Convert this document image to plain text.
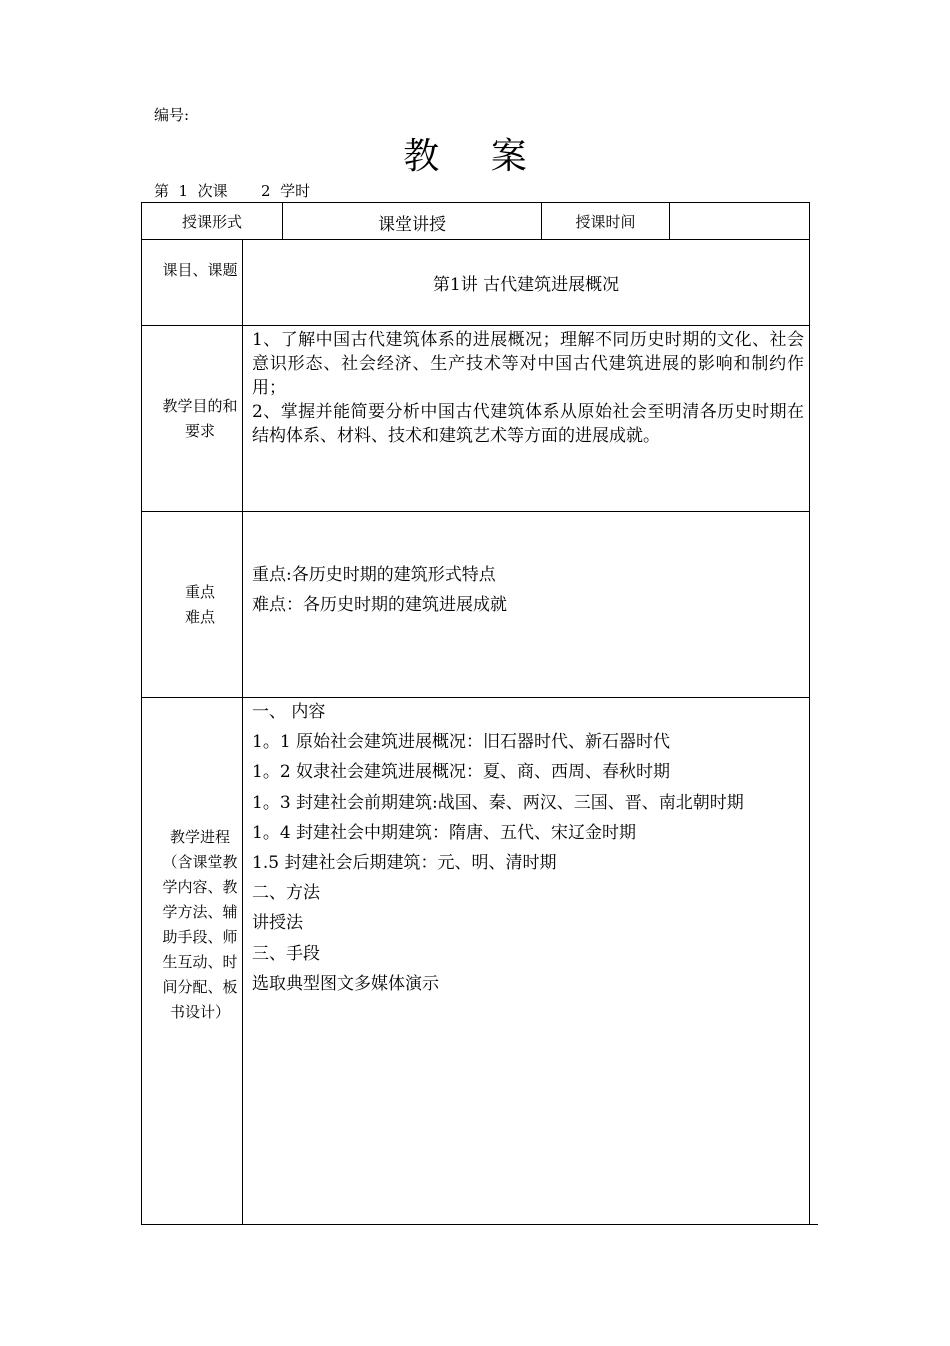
编号:
教 案
第  1  次课       2  学时
授课形式	课堂讲授	授课时间
课目、课题
第1讲 古代建筑进展概况
教学目的和要求
1、了解中国古代建筑体系的进展概况；理解不同历史时期的文化、社会意识形态、社会经济、生产技术等对中国古代建筑进展的影响和制约作用；
2、掌握并能简要分析中国古代建筑体系从原始社会至明清各历史时期在结构体系、材料、技术和建筑艺术等方面的进展成就。
重点难点
重点:各历史时期的建筑形式特点
难点：各历史时期的建筑进展成就
教学进程（含课堂教学内容、教学方法、辅助手段、师生互动、时间分配、板书设计）
一、 内容
1。1 原始社会建筑进展概况：旧石器时代、新石器时代
1。2 奴隶社会建筑进展概况：夏、商、西周、春秋时期
1。3 封建社会前期建筑:战国、秦、两汉、三国、晋、南北朝时期
1。4 封建社会中期建筑：隋唐、五代、宋辽金时期
1.5 封建社会后期建筑：元、明、清时期
二、方法
讲授法
三、手段
选取典型图文多媒体演示
